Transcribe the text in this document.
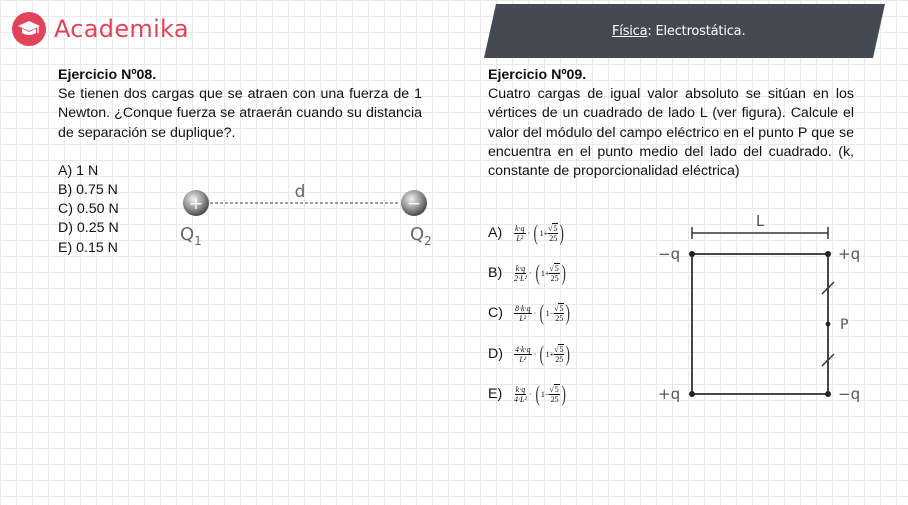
Academika	Física: Electrostática.
Ejercicio Nº08.
Se tienen dos cargas que se atraen con una fuerza de 1 Newton. ¿Conque fuerza se atraerán cuando su distancia de separación se duplique?.
A) 1 N
B) 0.75 N
C) 0.50 N
D) 0.25 N
E) 0.15 N
+	−
d
$Q_1$	$Q_2$
Ejercicio Nº09.
Cuatro cargas de igual valor absoluto se sitúan en los vértices de un cuadrado de lado L (ver figura). Calcule el valor del módulo del campo eléctrico en el punto P que se encuentra en el punto medio del lado del cuadrado. (k, constante de proporcionalidad eléctrica)
A)	$\frac{k\cdot q}{\text{L²}}$ · ( $1 + \frac{√5}{25}$ )
B)	$\frac{k\cdot q}{\text{2·L²}}$ · ( $1 + \frac{√5}{25}$ )
C)	$\frac{8\cdot k\cdot q}{\text{L²}}$ · ( $1 - \frac{√5}{25}$ )
D)	$\frac{4\cdot k\cdot q}{\text{L²}}$ · ( $1 + \frac{√5}{25}$ )
E)	$\frac{k\cdot q}{\text{4·L²}}$ · ( $1 - \frac{√5}{25}$ )
L
−q	+q
+q	−q
P
